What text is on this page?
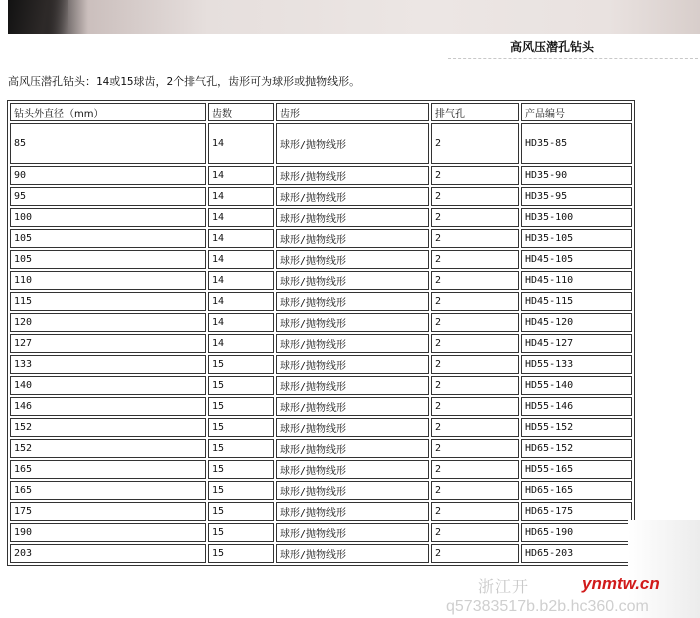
高风压潜孔钻头
高风压潜孔钻头：14或15球齿，2个排气孔，齿形可为球形或抛物线形。
钻头外直径（mm）	齿数	齿形	排气孔	产品编号
85	14	球形/抛物线形	2	HD35-85
90	14	球形/抛物线形	2	HD35-90
95	14	球形/抛物线形	2	HD35-95
100	14	球形/抛物线形	2	HD35-100
105	14	球形/抛物线形	2	HD35-105
105	14	球形/抛物线形	2	HD45-105
110	14	球形/抛物线形	2	HD45-110
115	14	球形/抛物线形	2	HD45-115
120	14	球形/抛物线形	2	HD45-120
127	14	球形/抛物线形	2	HD45-127
133	15	球形/抛物线形	2	HD55-133
140	15	球形/抛物线形	2	HD55-140
146	15	球形/抛物线形	2	HD55-146
152	15	球形/抛物线形	2	HD55-152
152	15	球形/抛物线形	2	HD65-152
165	15	球形/抛物线形	2	HD55-165
165	15	球形/抛物线形	2	HD65-165
175	15	球形/抛物线形	2	HD65-175
190	15	球形/抛物线形	2	HD65-190
203	15	球形/抛物线形	2	HD65-203
浙江开	ynmtw.cn
q57383517b.b2b.hc360.com
